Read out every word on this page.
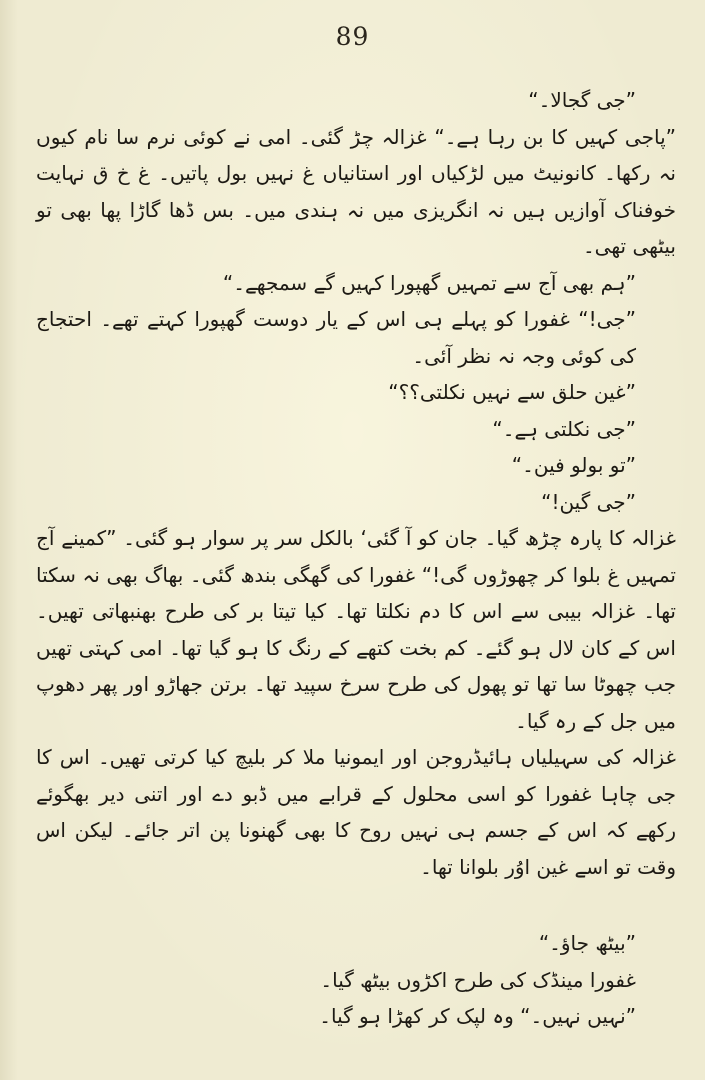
89

”جی گجالا۔“

”پاجی کہیں کا بن رہا ہے۔“ غزالہ چڑ گئی۔ امی نے کوئی نرم سا نام کیوں نہ رکھا۔ کانونیٹ میں لڑکیاں اور استانیاں غ نہیں بول پاتیں۔ غ خ ق نہایت خوفناک آوازیں ہیں نہ انگریزی میں نہ ہندی میں۔ بس ڈھا گاڑا پھا بھی تو بیٹھی تھی۔

”ہم بھی آج سے تمہیں گھپورا کہیں گے سمجھے۔“

”جی!“ غفورا کو پہلے ہی اس کے یار دوست گھپورا کہتے تھے۔ احتجاج کی کوئی وجہ نہ نظر آئی۔

”غین حلق سے نہیں نکلتی؟؟“

”جی نکلتی ہے۔“

”تو بولو فین۔“

”جی گین!“

غزالہ کا پارہ چڑھ گیا۔ جان کو آ گئی‘ بالکل سر پر سوار ہو گئی۔ ”کمینے آج تمہیں غ بلوا کر چھوڑوں گی!“ غفورا کی گھگی بندھ گئی۔ بھاگ بھی نہ سکتا تھا۔ غزالہ بیبی سے اس کا دم نکلتا تھا۔ کیا تیتا بر کی طرح بھنبھاتی تھیں۔ اس کے کان لال ہو گئے۔ کم بخت کتھے کے رنگ کا ہو گیا تھا۔ امی کہتی تھیں جب چھوٹا سا تھا تو پھول کی طرح سرخ سپید تھا۔ برتن جھاڑو اور پھر دھوپ میں جل کے رہ گیا۔

غزالہ کی سہیلیاں ہائیڈروجن اور ایمونیا ملا کر بلیچ کیا کرتی تھیں۔ اس کا جی چاہا غفورا کو اسی محلول کے قرابے میں ڈبو دے اور اتنی دیر بھگوئے رکھے کہ اس کے جسم ہی نہیں روح کا بھی گھنونا پن اتر جائے۔ لیکن اس وقت تو اسے غین اوُر بلوانا تھا۔

”بیٹھ جاؤ۔“

غفورا مینڈک کی طرح اکڑوں بیٹھ گیا۔

”نہیں نہیں۔“ وہ لپک کر کھڑا ہو گیا۔
